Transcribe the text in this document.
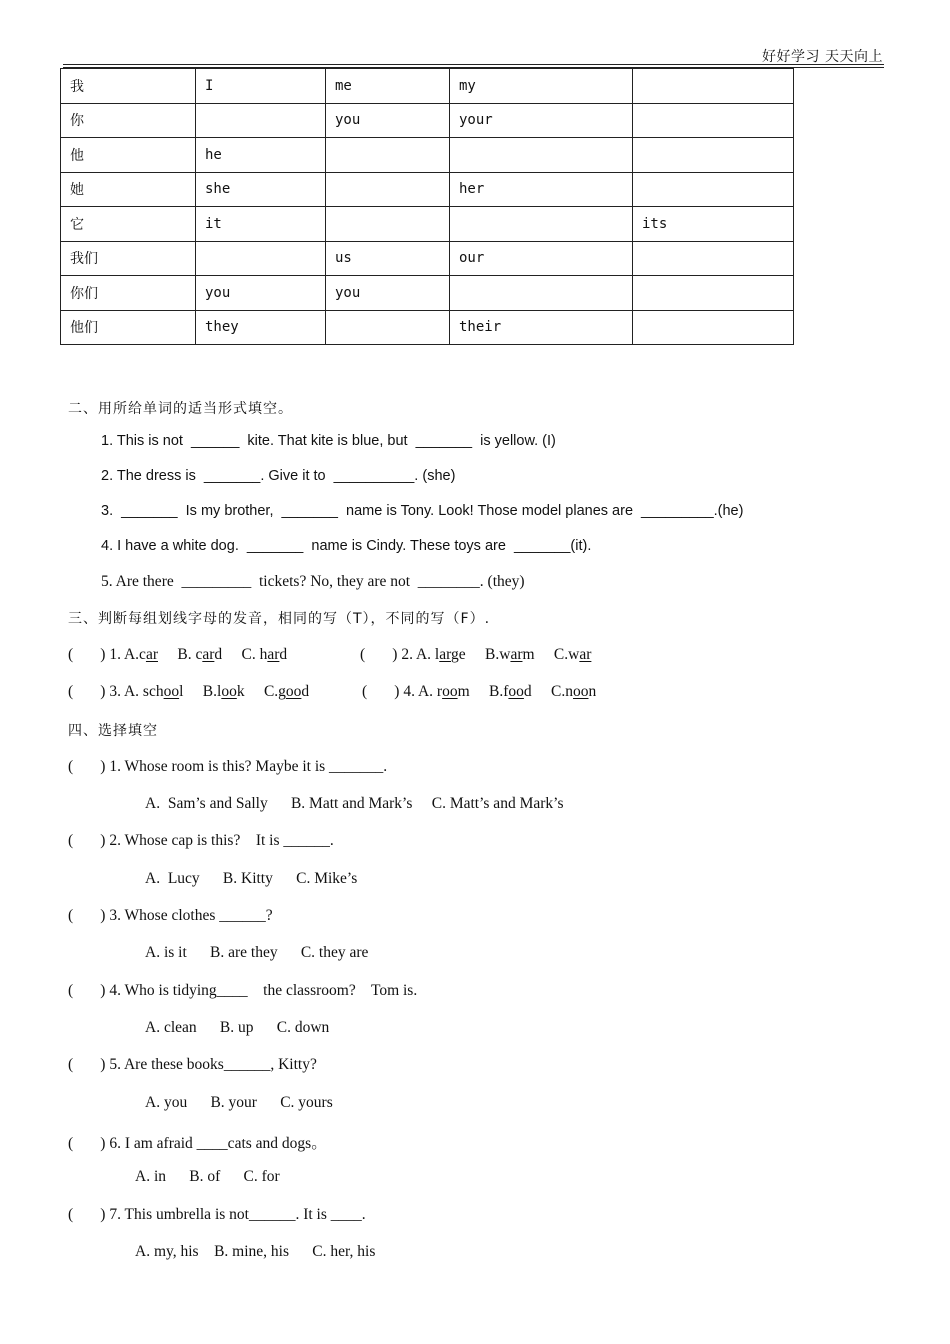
好好学习 天天向上
我	I	me	my	
你		you	your	
他	he			
她	she		her	
它	it			its
我们		us	our	
你们	you	you		
他们	they		their	
二、用所给单词的适当形式填空。
1. This is not  ______  kite. That kite is blue, but  _______  is yellow. (I)
2. The dress is  _______. Give it to  __________. (she)
3.  _______  Is my brother,  _______  name is Tony. Look! Those model planes are  _________.(he)
4. I have a white dog.  _______  name is Cindy. These toys are  _______(it).
5. Are there  _________  tickets? No, they are not  ________. (they)
三、判断每组划线字母的发音，相同的写（T），不同的写（F）.
(       ) 1. A.car B. card C. hard	(       ) 2. A. large B.warm C.war
(       ) 3. A. school B.look C.good	(       ) 4. A. room B.food C.noon
四、选择填空
(       ) 1. Whose room is this? Maybe it is _______.
A.  Sam’s and Sally      B. Matt and Mark’s     C. Matt’s and Mark’s
(       ) 2. Whose cap is this?    It is ______.
A.  Lucy      B. Kitty      C. Mike’s
(       ) 3. Whose clothes ______?
A. is it      B. are they      C. they are
(       ) 4. Who is tidying____    the classroom?    Tom is.
A. clean      B. up      C. down
(       ) 5. Are these books______, Kitty?
A. you      B. your      C. yours
(       ) 6. I am afraid ____cats and dogs。
A. in      B. of      C. for
(       ) 7. This umbrella is not______. It is ____.
A. my, his    B. mine, his      C. her, his
